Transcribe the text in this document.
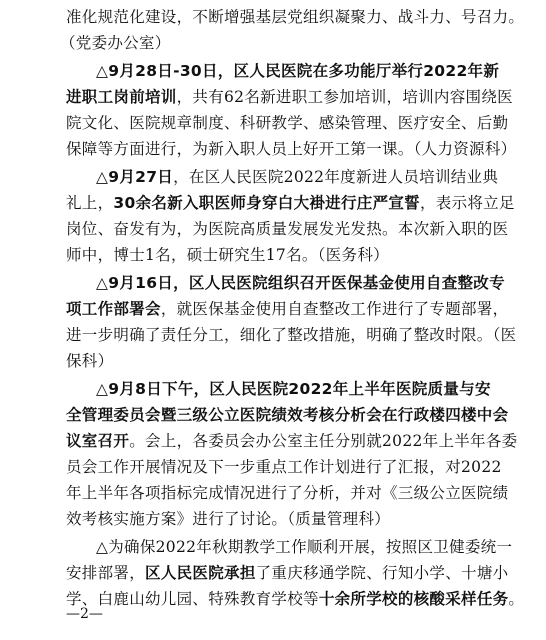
准化规范化建设，不断增强基层党组织凝聚力、战斗力、号召力。
（党委办公室）
△9月28日-30日，区人民医院在多功能厅举行2022年新
进职工岗前培训，共有62名新进职工参加培训，培训内容围绕医
院文化、医院规章制度、科研教学、感染管理、医疗安全、后勤
保障等方面进行，为新入职人员上好开工第一课。（人力资源科）
△9月27日，在区人民医院2022年度新进人员培训结业典
礼上，30余名新入职医师身穿白大褂进行庄严宣誓，表示将立足
岗位、奋发有为，为医院高质量发展发光发热。本次新入职的医
师中，博士1名，硕士研究生17名。（医务科）
△9月16日，区人民医院组织召开医保基金使用自查整改专
项工作部署会，就医保基金使用自查整改工作进行了专题部署，
进一步明确了责任分工，细化了整改措施，明确了整改时限。（医
保科）
△9月8日下午，区人民医院2022年上半年医院质量与安
全管理委员会暨三级公立医院绩效考核分析会在行政楼四楼中会
议室召开。会上，各委员会办公室主任分别就2022年上半年各委
员会工作开展情况及下一步重点工作计划进行了汇报，对2022
年上半年各项指标完成情况进行了分析，并对《三级公立医院绩
效考核实施方案》进行了讨论。（质量管理科）
△为确保2022年秋期教学工作顺利开展，按照区卫健委统一
安排部署，区人民医院承担了重庆移通学院、行知小学、十塘小
学、白鹿山幼儿园、特殊教育学校等十余所学校的核酸采样任务。
—2—
